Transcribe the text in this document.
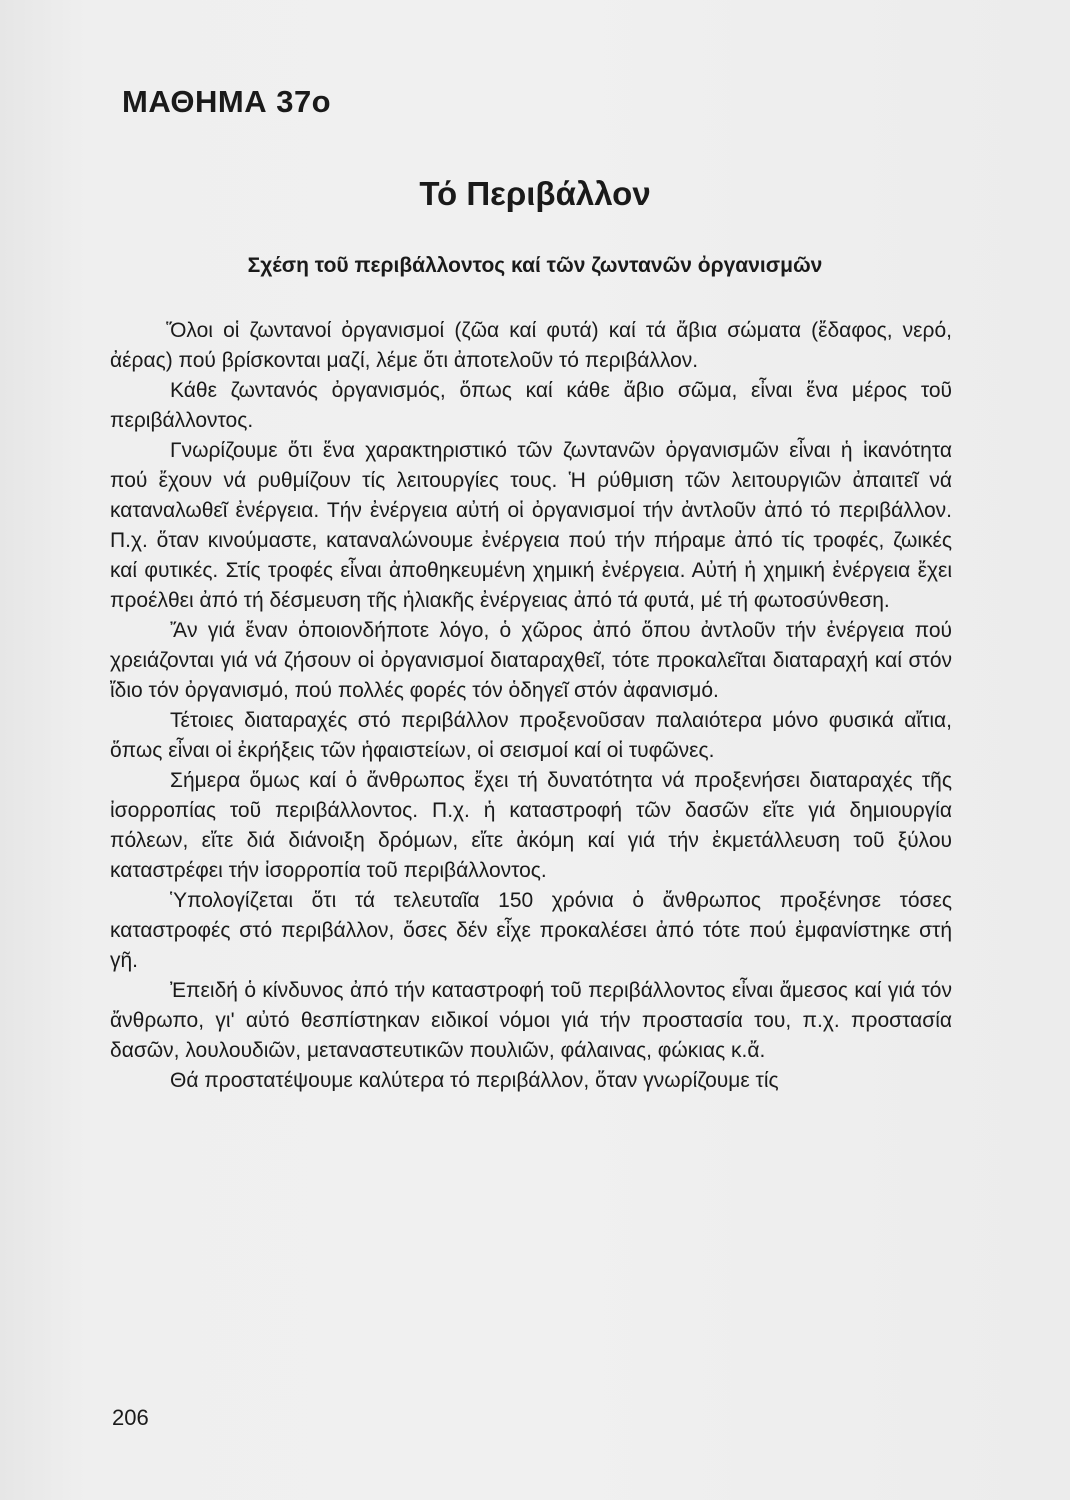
ΜΑΘΗΜΑ 37ο
Τό Περιβάλλον
Σχέση τοῦ περιβάλλοντος καί τῶν ζωντανῶν ὀργανισμῶν

Ὅλοι οἱ ζωντανοί ὀργανισμοί (ζῶα καί φυτά) καί τά ἄβια σώματα (ἔδαφος, νερό, ἀέρας) πού βρίσκονται μαζί, λέμε ὅτι ἀποτελοῦν τό περιβάλλον.

Κάθε ζωντανός ὀργανισμός, ὅπως καί κάθε ἄβιο σῶμα, εἶναι ἕνα μέρος τοῦ περιβάλλοντος.

Γνωρίζουμε ὅτι ἕνα χαρακτηριστικό τῶν ζωντανῶν ὀργανισμῶν εἶναι ἡ ἱκανότητα πού ἔχουν νά ρυθμίζουν τίς λειτουργίες τους. Ἡ ρύθμιση τῶν λειτουργιῶν ἀπαιτεῖ νά καταναλωθεῖ ἐνέργεια. Τήν ἐνέργεια αὐτή οἱ ὀργανισμοί τήν ἀντλοῦν ἀπό τό περιβάλλον. Π.χ. ὅταν κινούμαστε, καταναλώνουμε ἐνέργεια πού τήν πήραμε ἀπό τίς τροφές, ζωικές καί φυτικές. Στίς τροφές εἶναι ἀποθηκευμένη χημική ἐνέργεια. Αὐτή ἡ χημική ἐνέργεια ἔχει προέλθει ἀπό τή δέσμευση τῆς ἡλιακῆς ἐνέργειας ἀπό τά φυτά, μέ τή φωτοσύνθεση.

Ἄν γιά ἕναν ὁποιονδήποτε λόγο, ὁ χῶρος ἀπό ὅπου ἀντλοῦν τήν ἐνέργεια πού χρειάζονται γιά νά ζήσουν οἱ ὀργανισμοί διαταραχθεῖ, τότε προκαλεῖται διαταραχή καί στόν ἴδιο τόν ὀργανισμό, πού πολλές φορές τόν ὁδηγεῖ στόν ἀφανισμό.

Τέτοιες διαταραχές στό περιβάλλον προξενοῦσαν παλαιότερα μόνο φυσικά αἴτια, ὅπως εἶναι οἱ ἐκρήξεις τῶν ἡφαιστείων, οἱ σεισμοί καί οἱ τυφῶνες.

Σήμερα ὅμως καί ὁ ἄνθρωπος ἔχει τή δυνατότητα νά προξενήσει διαταραχές τῆς ἰσορροπίας τοῦ περιβάλλοντος. Π.χ. ἡ καταστροφή τῶν δασῶν εἴτε γιά δημιουργία πόλεων, εἴτε διά διάνοιξη δρόμων, εἴτε ἀκόμη καί γιά τήν ἐκμετάλλευση τοῦ ξύλου καταστρέφει τήν ἰσορροπία τοῦ περιβάλλοντος.

Ὑπολογίζεται ὅτι τά τελευταῖα 150 χρόνια ὁ ἄνθρωπος προξένησε τόσες καταστροφές στό περιβάλλον, ὅσες δέν εἶχε προκαλέσει ἀπό τότε πού ἐμφανίστηκε στή γῆ.

Ἐπειδή ὁ κίνδυνος ἀπό τήν καταστροφή τοῦ περιβάλλοντος εἶναι ἄμεσος καί γιά τόν ἄνθρωπο, γι' αὐτό θεσπίστηκαν ειδικοί νόμοι γιά τήν προστασία του, π.χ. προστασία δασῶν, λουλουδιῶν, μεταναστευτικῶν πουλιῶν, φάλαινας, φώκιας κ.ἄ.

Θά προστατέψουμε καλύτερα τό περιβάλλον, ὅταν γνωρίζουμε τίς

206
